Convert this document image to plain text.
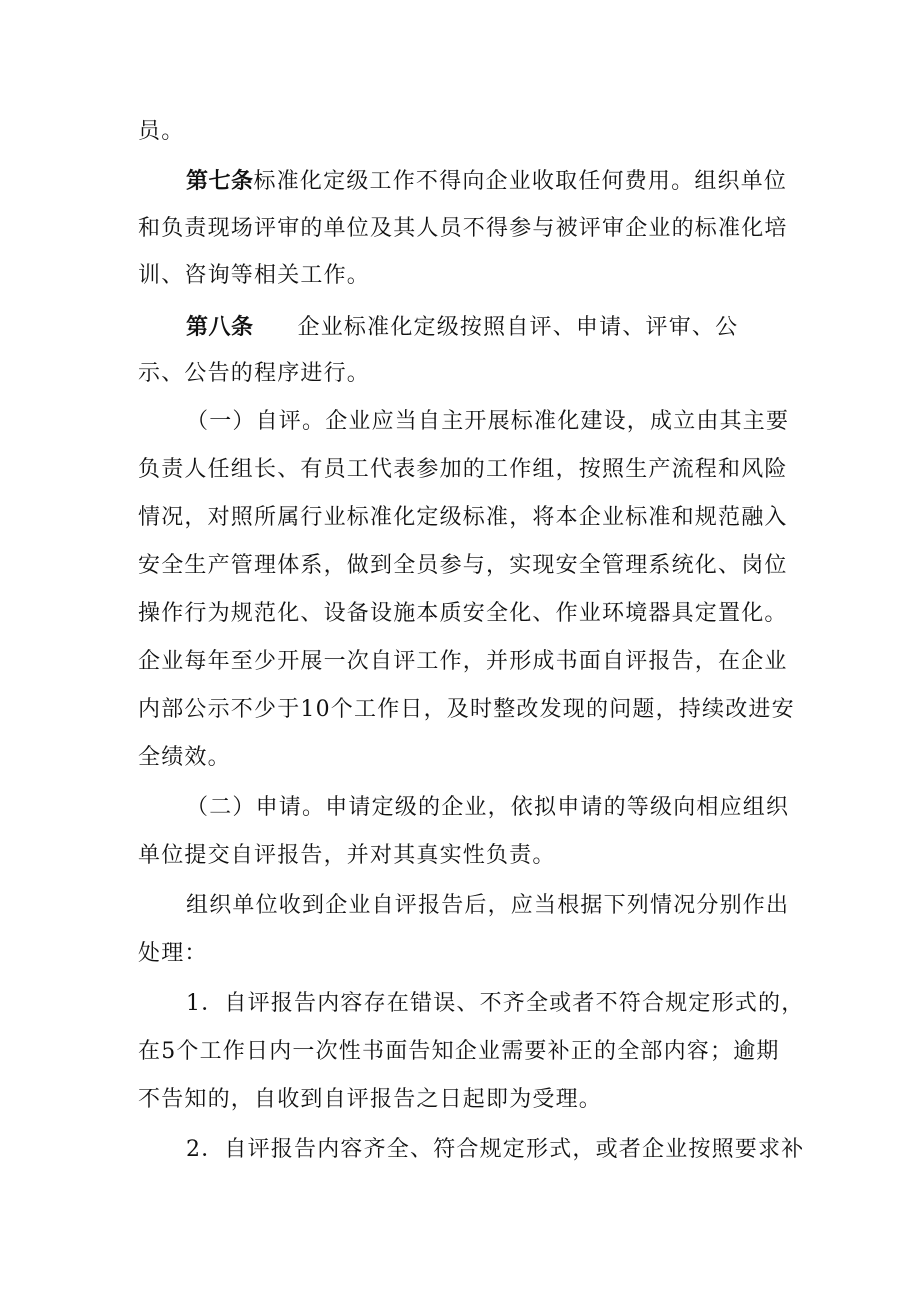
员。
第七条标准化定级工作不得向企业收取任何费用。组织单位
和负责现场评审的单位及其人员不得参与被评审企业的标准化培
训、咨询等相关工作。
第八条 企业标准化定级按照自评、申请、评审、公
示、公告的程序进行。
（一）自评。企业应当自主开展标准化建设，成立由其主要
负责人任组长、有员工代表参加的工作组，按照生产流程和风险
情况，对照所属行业标准化定级标准，将本企业标准和规范融入
安全生产管理体系，做到全员参与，实现安全管理系统化、岗位
操作行为规范化、设备设施本质安全化、作业环境器具定置化。
企业每年至少开展一次自评工作，并形成书面自评报告，在企业
内部公示不少于10个工作日，及时整改发现的问题，持续改进安
全绩效。
（二）申请。申请定级的企业，依拟申请的等级向相应组织
单位提交自评报告，并对其真实性负责。
组织单位收到企业自评报告后，应当根据下列情况分别作出
处理：
1．自评报告内容存在错误、不齐全或者不符合规定形式的，
在5个工作日内一次性书面告知企业需要补正的全部内容；逾期
不告知的，自收到自评报告之日起即为受理。
2．自评报告内容齐全、符合规定形式，或者企业按照要求补
